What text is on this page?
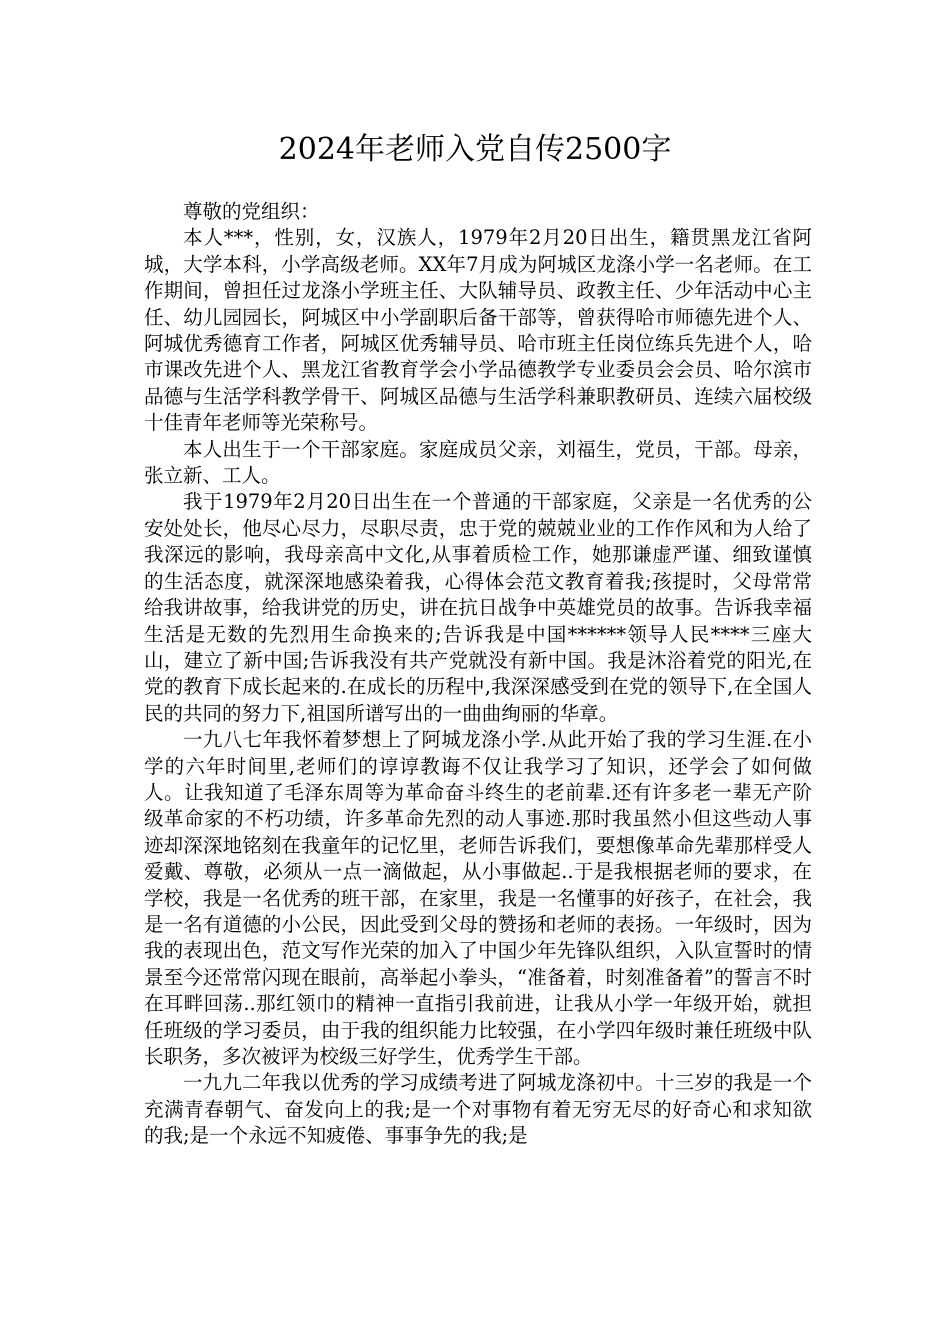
2024年老师入党自传2500字

尊敬的党组织：

本人***，性别，女，汉族人，1979年2月20日出生，籍贯黑龙江省阿城，大学本科，小学高级老师。XX年7月成为阿城区龙涤小学一名老师。在工作期间，曾担任过龙涤小学班主任、大队辅导员、政教主任、少年活动中心主任、幼儿园园长，阿城区中小学副职后备干部等，曾获得哈市师德先进个人、阿城优秀德育工作者，阿城区优秀辅导员、哈市班主任岗位练兵先进个人，哈市课改先进个人、黑龙江省教育学会小学品德教学专业委员会会员、哈尔滨市品德与生活学科教学骨干、阿城区品德与生活学科兼职教研员、连续六届校级十佳青年老师等光荣称号。

本人出生于一个干部家庭。家庭成员父亲，刘福生，党员，干部。母亲，张立新、工人。

我于1979年2月20日出生在一个普通的干部家庭，父亲是一名优秀的公安处处长，他尽心尽力，尽职尽责，忠于党的兢兢业业的工作作风和为人给了我深远的影响，我母亲高中文化,从事着质检工作，她那谦虚严谨、细致谨慎的生活态度，就深深地感染着我，心得体会范文教育着我;孩提时，父母常常给我讲故事，给我讲党的历史，讲在抗日战争中英雄党员的故事。告诉我幸福生活是无数的先烈用生命换来的;告诉我是中国******领导人民****三座大山，建立了新中国;告诉我没有共产党就没有新中国。我是沐浴着党的阳光,在党的教育下成长起来的.在成长的历程中,我深深感受到在党的领导下,在全国人民的共同的努力下,祖国所谱写出的一曲曲绚丽的华章。

一九八七年我怀着梦想上了阿城龙涤小学.从此开始了我的学习生涯.在小学的六年时间里,老师们的谆谆教诲不仅让我学习了知识，还学会了如何做人。让我知道了毛泽东周等为革命奋斗终生的老前辈.还有许多老一辈无产阶级革命家的不朽功绩，许多革命先烈的动人事迹.那时我虽然小但这些动人事迹却深深地铭刻在我童年的记忆里，老师告诉我们，要想像革命先辈那样受人爱戴、尊敬，必须从一点一滴做起，从小事做起..于是我根据老师的要求，在学校，我是一名优秀的班干部，在家里，我是一名懂事的好孩子，在社会，我是一名有道德的小公民，因此受到父母的赞扬和老师的表扬。一年级时，因为我的表现出色，范文写作光荣的加入了中国少年先锋队组织，入队宣誓时的情景至今还常常闪现在眼前，高举起小拳头，“准备着，时刻准备着”的誓言不时在耳畔回荡..那红领巾的精神一直指引我前进，让我从小学一年级开始，就担任班级的学习委员，由于我的组织能力比较强，在小学四年级时兼任班级中队长职务，多次被评为校级三好学生，优秀学生干部。

一九九二年我以优秀的学习成绩考进了阿城龙涤初中。十三岁的我是一个充满青春朝气、奋发向上的我;是一个对事物有着无穷无尽的好奇心和求知欲的我;是一个永远不知疲倦、事事争先的我;是
